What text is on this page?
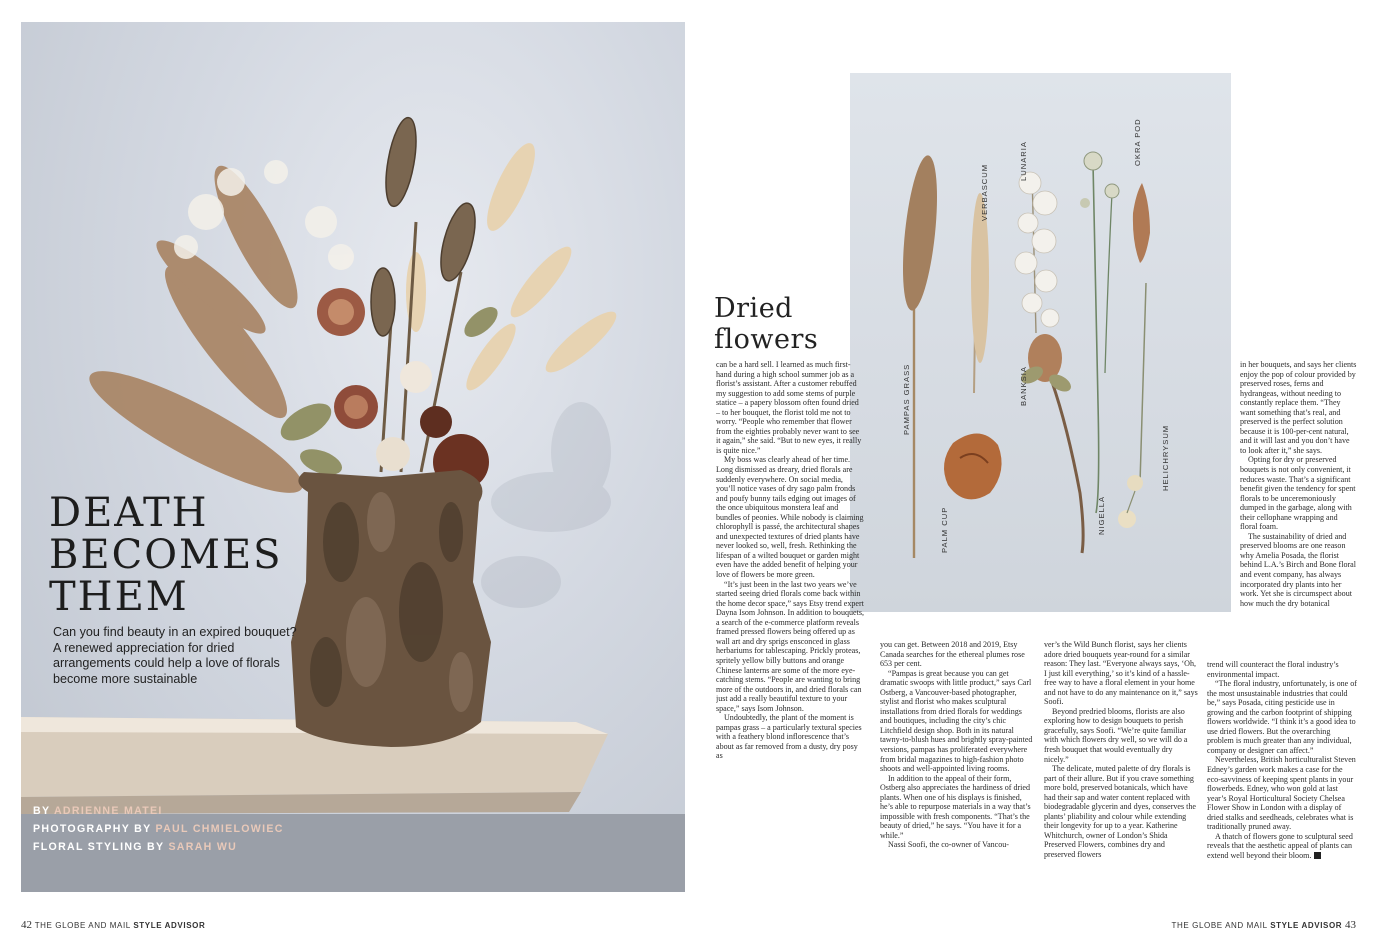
DEATH
BECOMES
THEM

Can you find beauty in an expired bouquet? A renewed appreciation for dried arrangements could help a love of florals become more sustainable

BY ADRIENNE MATEI
PHOTOGRAPHY BY PAUL CHMIELOWIEC
FLORAL STYLING BY SARAH WU
42 THE GLOBE AND MAIL STYLE ADVISOR
PAMPAS GRASS
VERBASCUM
LUNARIA	OKRA POD
BANKSIA
PALM CUP	NIGELLA
HELICHRYSUM
Dried
flowers

can be a hard sell. I learned as much first-hand during a high school summer job as a florist’s assistant. After a customer rebuffed my suggestion to add some stems of purple statice – a papery blossom often found dried – to her bouquet, the florist told me not to worry. “People who remember that flower from the eighties probably never want to see it again,” she said. “But to new eyes, it really is quite nice.”

My boss was clearly ahead of her time. Long dismissed as dreary, dried florals are suddenly everywhere. On social media, you’ll notice vases of dry sago palm fronds and poufy bunny tails edging out images of the once ubiquitous monstera leaf and bundles of peonies. While nobody is claiming chlorophyll is passé, the architectural shapes and unexpected textures of dried plants have never looked so, well, fresh. Rethinking the lifespan of a wilted bouquet or garden might even have the added benefit of helping your love of flowers be more green.

“It’s just been in the last two years we’ve started seeing dried florals come back within the home decor space,” says Etsy trend expert Dayna Isom Johnson. In addition to bouquets, a search of the e-commerce platform reveals framed pressed flowers being offered up as wall art and dry sprigs ensconced in glass herbariums for tablescaping. Prickly proteas, spritely yellow billy buttons and orange Chinese lanterns are some of the more eye-catching stems. “People are wanting to bring more of the outdoors in, and dried florals can just add a really beautiful texture to your space,” says Isom Johnson.

Undoubtedly, the plant of the moment is pampas grass – a particularly textural species with a feathery blond inflorescence that’s about as far removed from a dusty, dry posy as

you can get. Between 2018 and 2019, Etsy Canada searches for the ethereal plumes rose 653 per cent.

“Pampas is great because you can get dramatic swoops with little product,” says Carl Ostberg, a Vancouver-based photographer, stylist and florist who makes sculptural installations from dried florals for weddings and boutiques, including the city’s chic Litchfield design shop. Both in its natural tawny-to-blush hues and brightly spray-painted versions, pampas has proliferated everywhere from bridal magazines to high-fashion photo shoots and well-appointed living rooms.

In addition to the appeal of their form, Ostberg also appreciates the hardiness of dried plants. When one of his displays is finished, he’s able to repurpose materials in a way that’s impossible with fresh components. “That’s the beauty of dried,” he says. “You have it for a while.”

Nassi Soofi, the co-owner of Vancou-

ver’s the Wild Bunch florist, says her clients adore dried bouquets year-round for a similar reason: They last. “Everyone always says, ‘Oh, I just kill everything,’ so it’s kind of a hassle-free way to have a floral element in your home and not have to do any maintenance on it,” says Soofi.

Beyond predried blooms, florists are also exploring how to design bouquets to perish gracefully, says Soofi. “We’re quite familiar with which flowers dry well, so we will do a fresh bouquet that would eventually dry nicely.”

The delicate, muted palette of dry florals is part of their allure. But if you crave something more bold, preserved botanicals, which have had their sap and water content replaced with biodegradable glycerin and dyes, conserves the plants’ pliability and colour while extending their longevity for up to a year. Katherine Whitchurch, owner of London’s Shida Preserved Flowers, combines dry and preserved flowers

in her bouquets, and says her clients enjoy the pop of colour provided by preserved roses, ferns and hydrangeas, without needing to constantly replace them. “They want something that’s real, and preserved is the perfect solution because it is 100-per-cent natural, and it will last and you don’t have to look after it,” she says.

Opting for dry or preserved bouquets is not only convenient, it reduces waste. That’s a significant benefit given the tendency for spent florals to be unceremoniously dumped in the garbage, along with their cellophane wrapping and floral foam.

The sustainability of dried and preserved blooms are one reason why Amelia Posada, the florist behind L.A.’s Birch and Bone floral and event company, has always incorporated dry plants into her work. Yet she is circumspect about how much the dry botanical

trend will counteract the floral industry’s environmental impact.

“The floral industry, unfortunately, is one of the most unsustainable industries that could be,” says Posada, citing pesticide use in growing and the carbon footprint of shipping flowers worldwide. “I think it’s a good idea to use dried flowers. But the overarching problem is much greater than any individual, company or designer can affect.”

Nevertheless, British horticulturalist Steven Edney’s garden work makes a case for the eco-savviness of keeping spent plants in your flowerbeds. Edney, who won gold at last year’s Royal Horticultural Society Chelsea Flower Show in London with a display of dried stalks and seedheads, celebrates what is traditionally pruned away.

A thatch of flowers gone to sculptural seed reveals that the aesthetic appeal of plants can extend well beyond their bloom.

THE GLOBE AND MAIL STYLE ADVISOR 43
